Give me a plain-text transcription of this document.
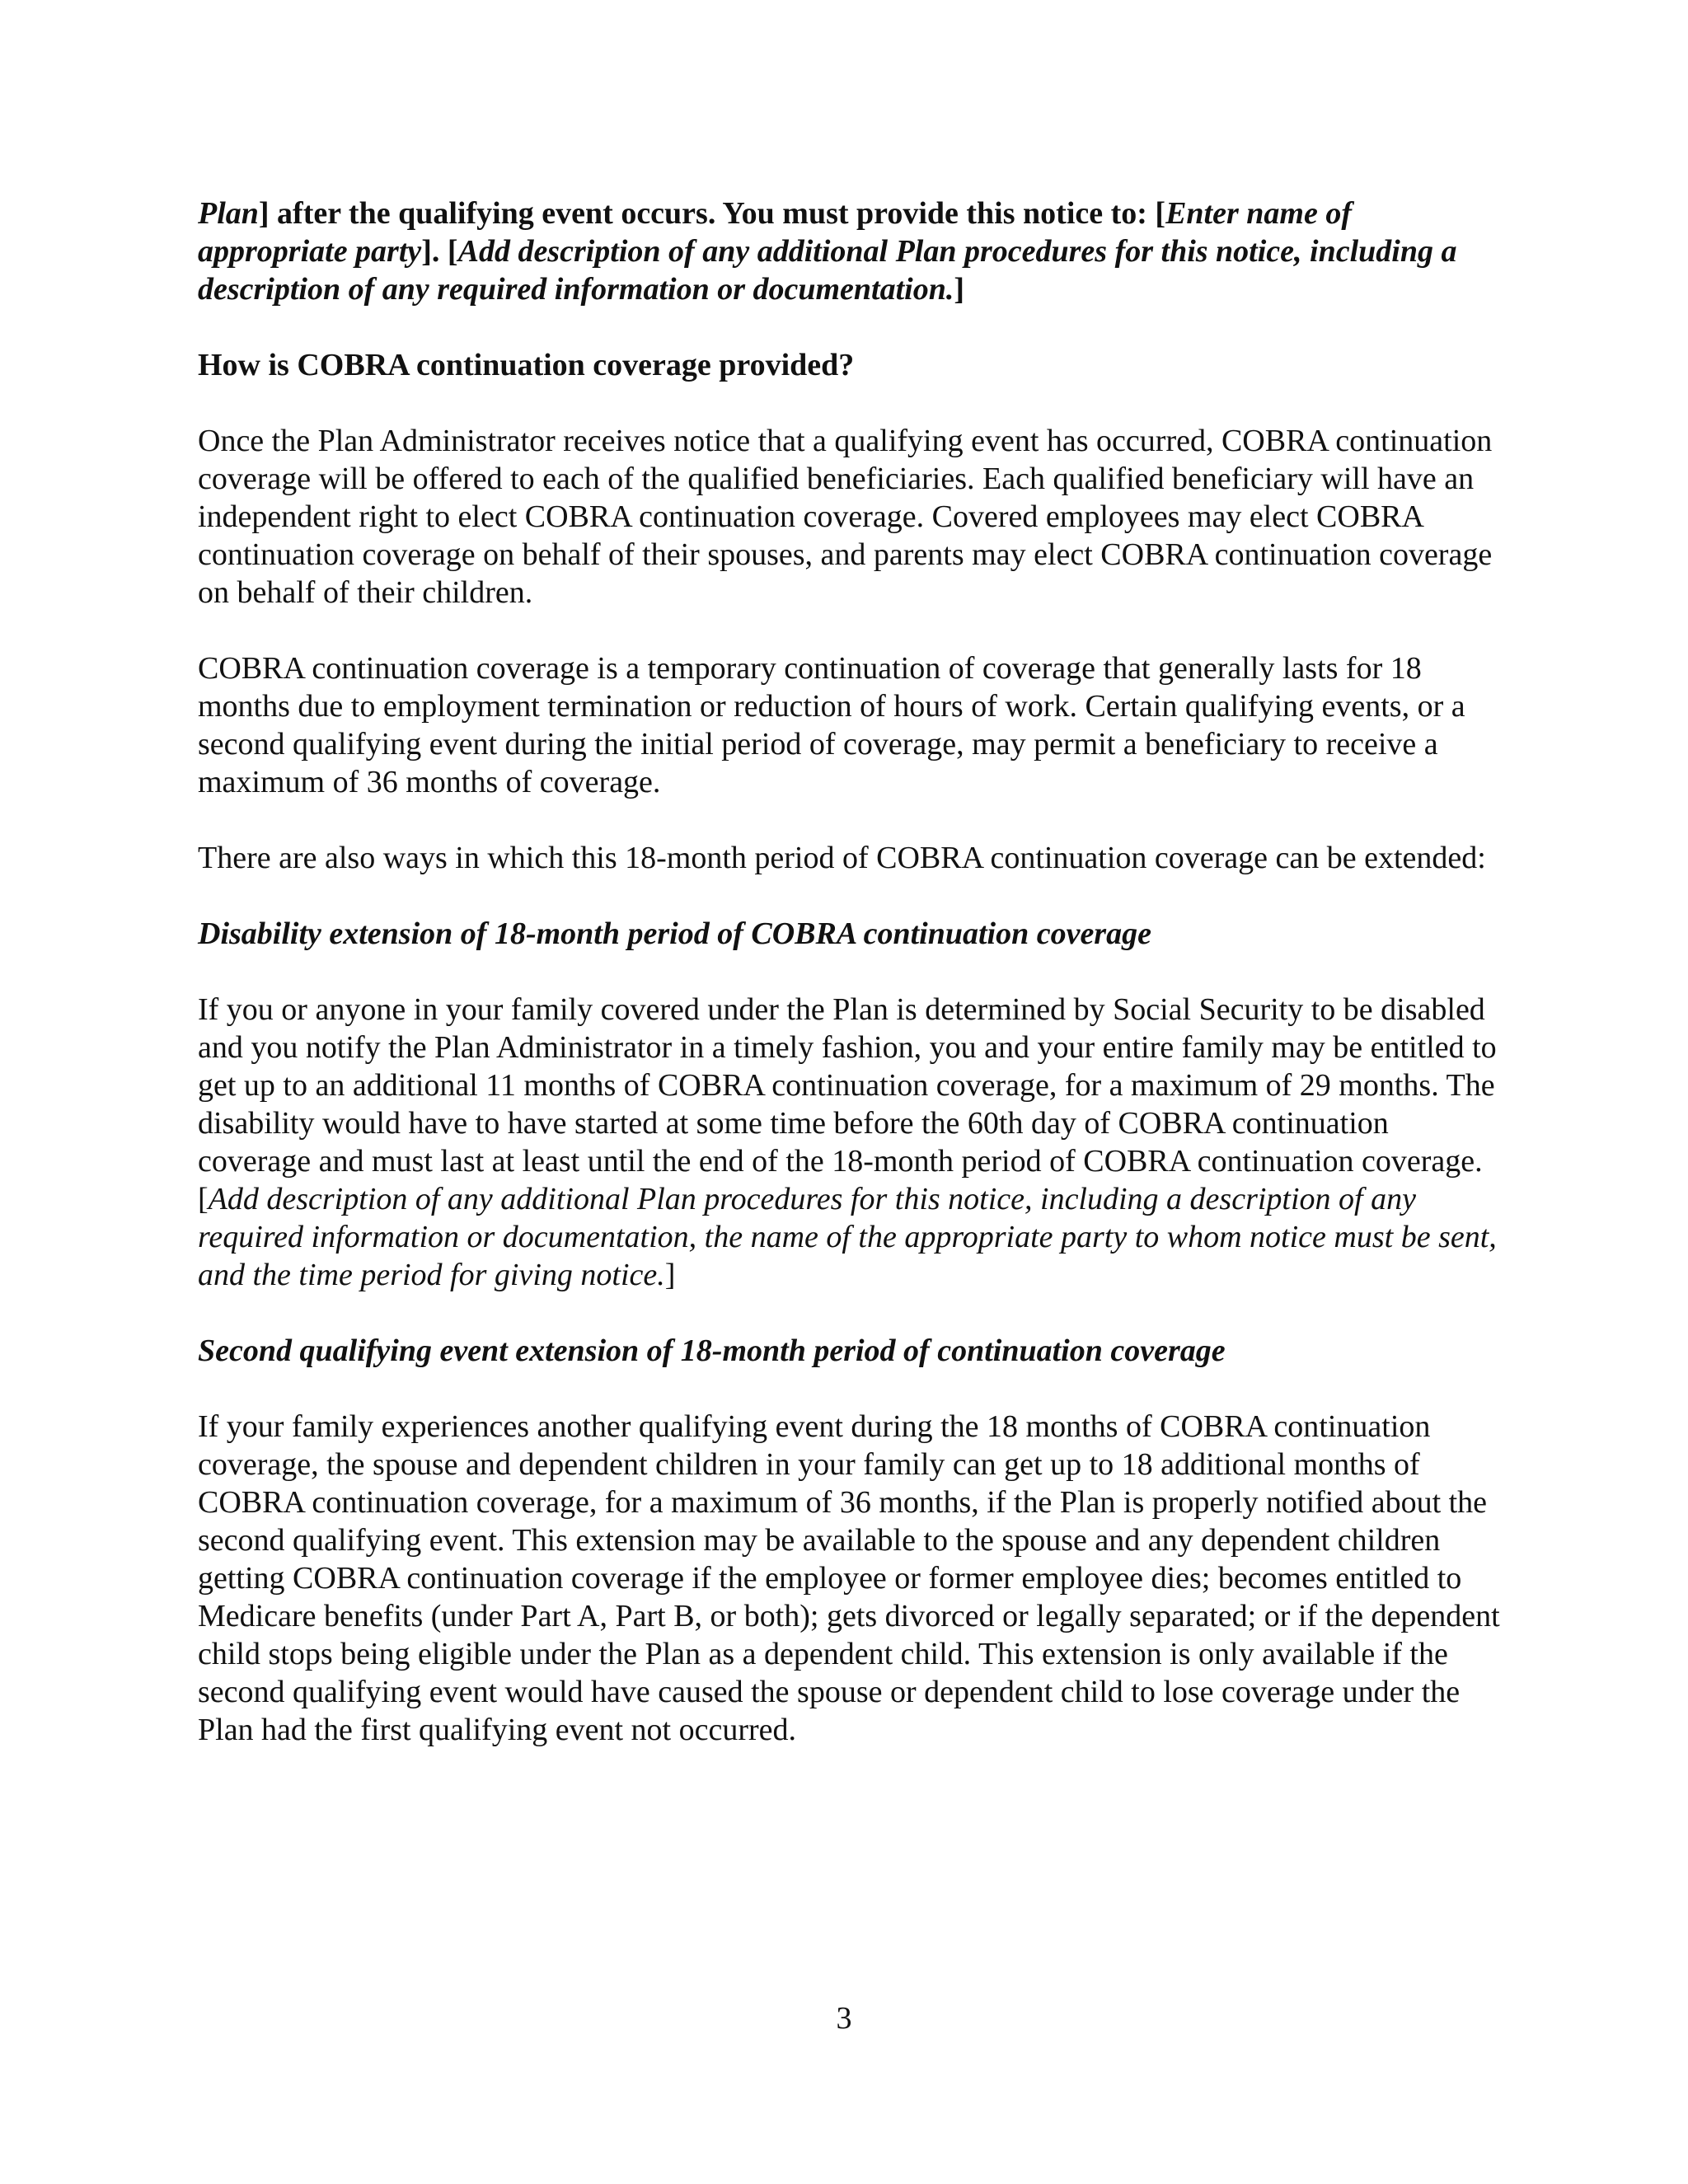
Plan] after the qualifying event occurs. You must provide this notice to: [Enter name of appropriate party]. [Add description of any additional Plan procedures for this notice, including a description of any required information or documentation.]

How is COBRA continuation coverage provided?

Once the Plan Administrator receives notice that a qualifying event has occurred, COBRA continuation coverage will be offered to each of the qualified beneficiaries. Each qualified beneficiary will have an independent right to elect COBRA continuation coverage. Covered employees may elect COBRA continuation coverage on behalf of their spouses, and parents may elect COBRA continuation coverage on behalf of their children.

COBRA continuation coverage is a temporary continuation of coverage that generally lasts for 18 months due to employment termination or reduction of hours of work. Certain qualifying events, or a second qualifying event during the initial period of coverage, may permit a beneficiary to receive a maximum of 36 months of coverage.

There are also ways in which this 18-month period of COBRA continuation coverage can be extended:

Disability extension of 18-month period of COBRA continuation coverage

If you or anyone in your family covered under the Plan is determined by Social Security to be disabled and you notify the Plan Administrator in a timely fashion, you and your entire family may be entitled to get up to an additional 11 months of COBRA continuation coverage, for a maximum of 29 months. The disability would have to have started at some time before the 60th day of COBRA continuation coverage and must last at least until the end of the 18-month period of COBRA continuation coverage. [Add description of any additional Plan procedures for this notice, including a description of any required information or documentation, the name of the appropriate party to whom notice must be sent, and the time period for giving notice.]

Second qualifying event extension of 18-month period of continuation coverage

If your family experiences another qualifying event during the 18 months of COBRA continuation coverage, the spouse and dependent children in your family can get up to 18 additional months of COBRA continuation coverage, for a maximum of 36 months, if the Plan is properly notified about the second qualifying event. This extension may be available to the spouse and any dependent children getting COBRA continuation coverage if the employee or former employee dies; becomes entitled to Medicare benefits (under Part A, Part B, or both); gets divorced or legally separated; or if the dependent child stops being eligible under the Plan as a dependent child. This extension is only available if the second qualifying event would have caused the spouse or dependent child to lose coverage under the Plan had the first qualifying event not occurred.

3
